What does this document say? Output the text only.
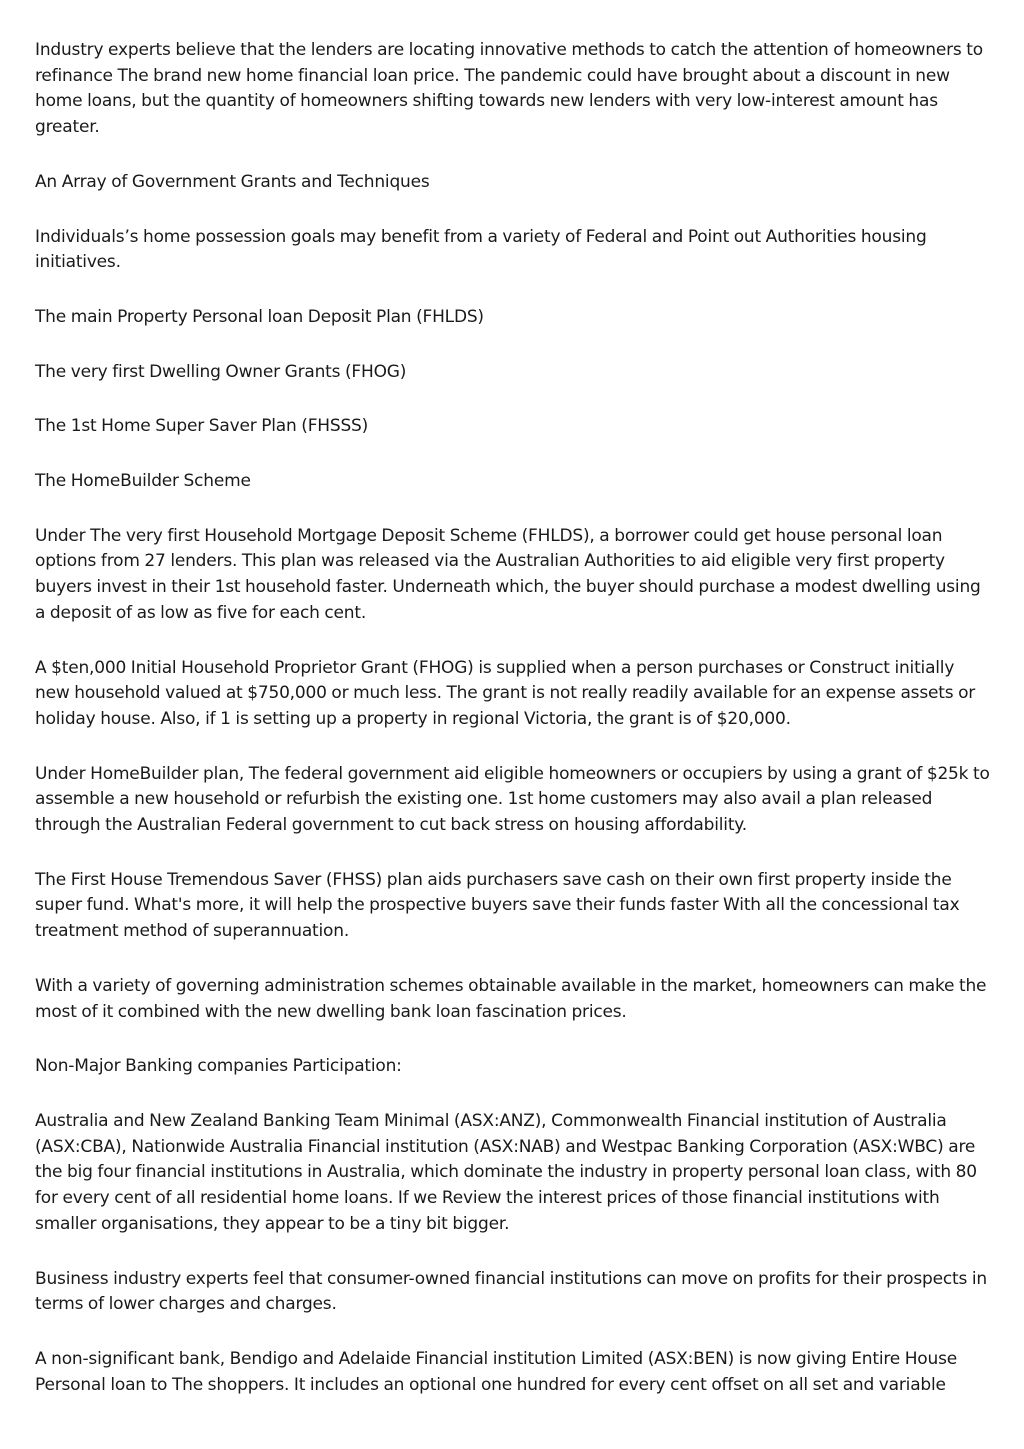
Industry experts believe that the lenders are locating innovative methods to catch the attention of homeowners to refinance The brand new home financial loan price. The pandemic could have brought about a discount in new home loans, but the quantity of homeowners shifting towards new lenders with very low-interest amount has greater.

An Array of Government Grants and Techniques

Individuals’s home possession goals may benefit from a variety of Federal and Point out Authorities housing initiatives.

The main Property Personal loan Deposit Plan (FHLDS)

The very first Dwelling Owner Grants (FHOG)

The 1st Home Super Saver Plan (FHSSS)

The HomeBuilder Scheme

Under The very first Household Mortgage Deposit Scheme (FHLDS), a borrower could get house personal loan options from 27 lenders. This plan was released via the Australian Authorities to aid eligible very first property buyers invest in their 1st household faster. Underneath which, the buyer should purchase a modest dwelling using a deposit of as low as five for each cent.

A $ten,000 Initial Household Proprietor Grant (FHOG) is supplied when a person purchases or Construct initially new household valued at $750,000 or much less. The grant is not really readily available for an expense assets or holiday house. Also, if 1 is setting up a property in regional Victoria, the grant is of $20,000.

Under HomeBuilder plan, The federal government aid eligible homeowners or occupiers by using a grant of $25k to assemble a new household or refurbish the existing one. 1st home customers may also avail a plan released through the Australian Federal government to cut back stress on housing affordability.

The First House Tremendous Saver (FHSS) plan aids purchasers save cash on their own first property inside the super fund. What's more, it will help the prospective buyers save their funds faster With all the concessional tax treatment method of superannuation.

With a variety of governing administration schemes obtainable available in the market, homeowners can make the most of it combined with the new dwelling bank loan fascination prices.

Non-Major Banking companies Participation:

Australia and New Zealand Banking Team Minimal (ASX:ANZ), Commonwealth Financial institution of Australia (ASX:CBA), Nationwide Australia Financial institution (ASX:NAB) and Westpac Banking Corporation (ASX:WBC) are the big four financial institutions in Australia, which dominate the industry in property personal loan class, with 80 for every cent of all residential home loans. If we Review the interest prices of those financial institutions with smaller organisations, they appear to be a tiny bit bigger.

Business industry experts feel that consumer-owned financial institutions can move on profits for their prospects in terms of lower charges and charges.

A non-significant bank, Bendigo and Adelaide Financial institution Limited (ASX:BEN) is now giving Entire House Personal loan to The shoppers. It includes an optional one hundred for every cent offset on all set and variable
